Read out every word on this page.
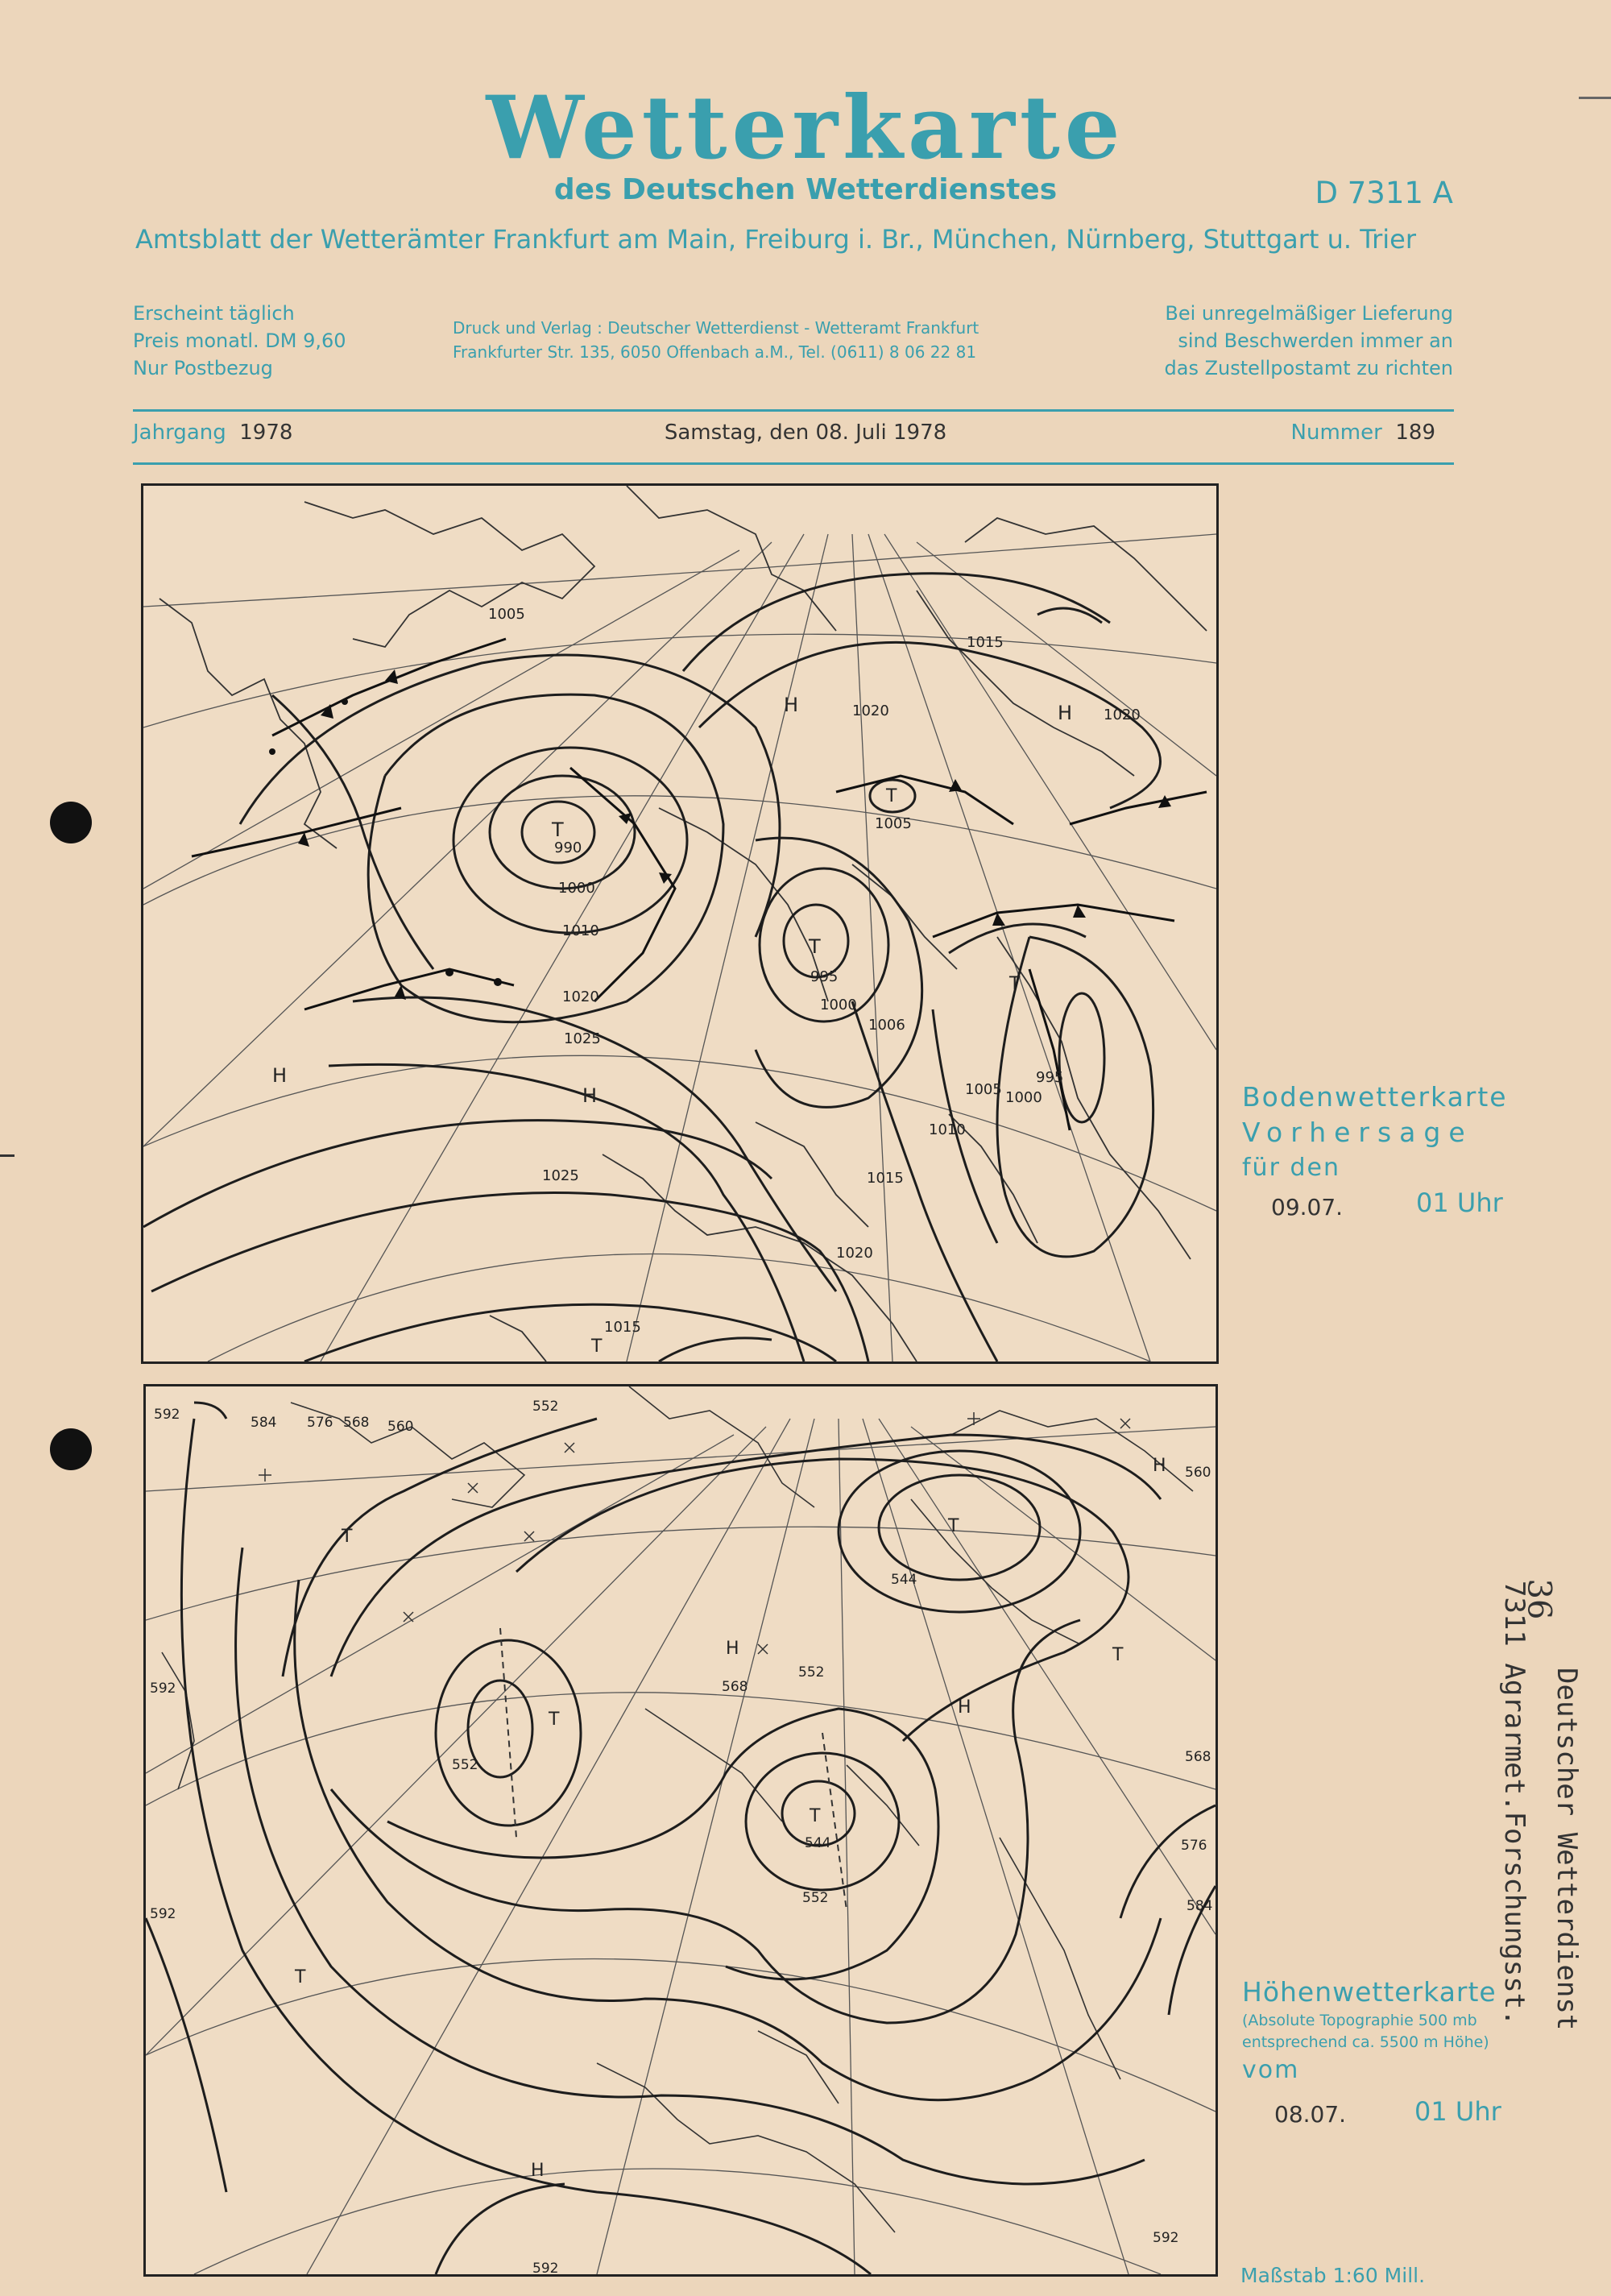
Wetterkarte
des Deutschen Wetterdienstes	D 7311 A
Amtsblatt der Wetterämter Frankfurt am Main, Freiburg i. Br., München, Nürnberg, Stuttgart u. Trier
Erscheint täglich
Preis monatl. DM 9,60
Nur Postbezug
Druck und Verlag : Deutscher Wetterdienst - Wetteramt Frankfurt
Frankfurter Str. 135, 6050 Offenbach a.M., Tel. (0611) 8 06 22 81
Bei unregelmäßiger Lieferung
sind Beschwerden immer an
das Zustellpostamt zu richten
Jahrgang 1978	Samstag, den 08. Juli 1978	Nummer 189
H
H
H	H
T
T
T
T
T
990
995
995
1000
1000
1000
1005
1005
1005
1006
1010
1010
1015
1015
1015
1020	1020
1020
1020
1025
1025
Bodenwetterkarte
Vorhersage
für den
09.07.	01 Uhr
T
T
T
T
T
T
H
H
H
H
592
592
592
592
592
584
584
576
576
568
568
568
560
560
552
552
552
552
544
544
Höhenwetterkarte
(Absolute Topographie 500 mb
entsprechend ca. 5500 m Höhe)
vom
08.07.	01 Uhr
Maßstab 1:60 Mill.
36
7311 Agrarmet.Forschungsst. Deutscher Wetterdienst
